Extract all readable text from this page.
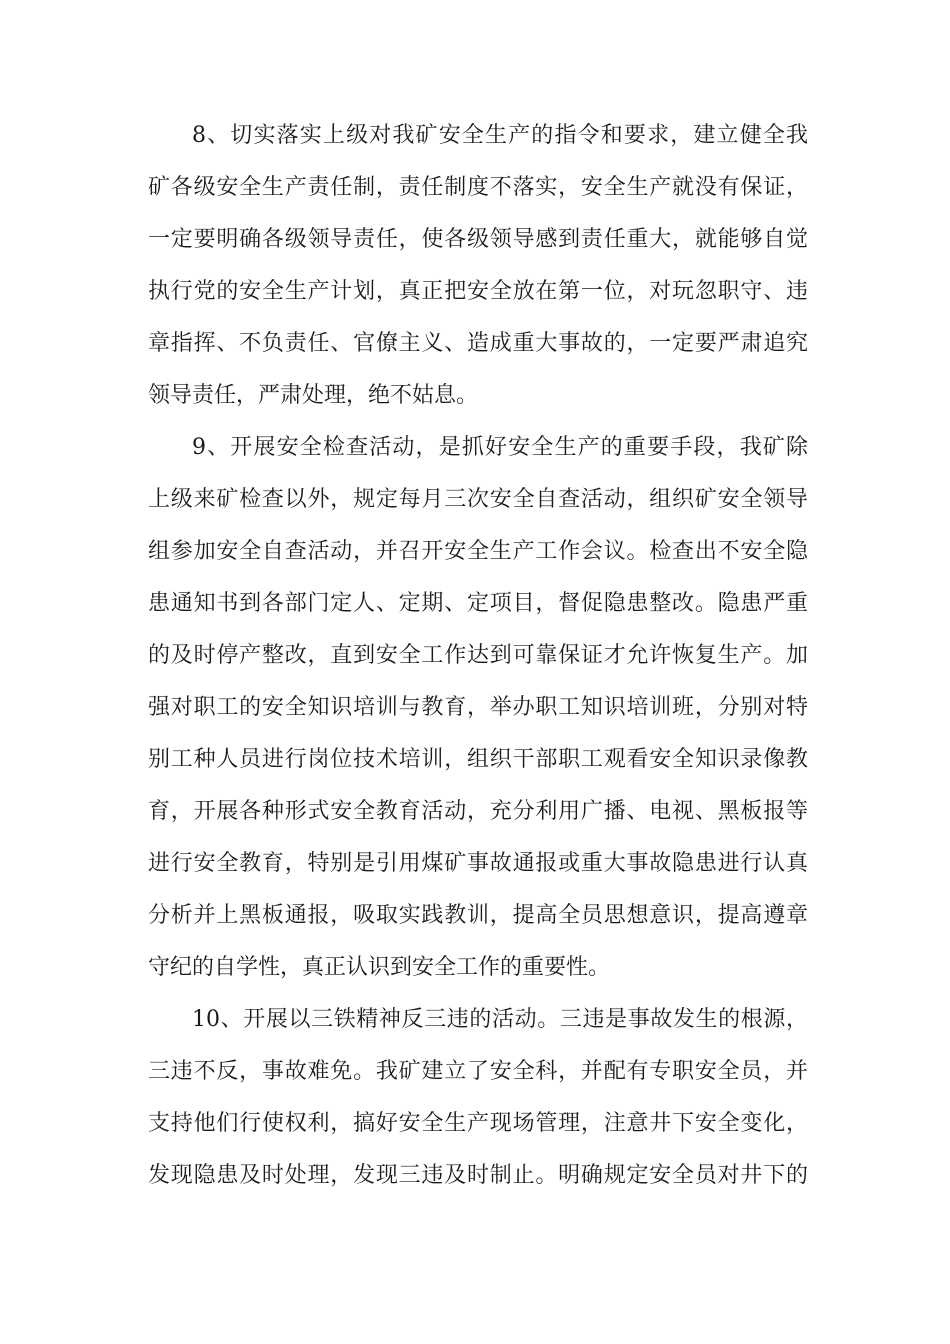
8、切实落实上级对我矿安全生产的指令和要求，建立健全我
矿各级安全生产责任制，责任制度不落实，安全生产就没有保证，
一定要明确各级领导责任，使各级领导感到责任重大，就能够自觉
执行党的安全生产计划，真正把安全放在第一位，对玩忽职守、违
章指挥、不负责任、官僚主义、造成重大事故的，一定要严肃追究
领导责任，严肃处理，绝不姑息。
9、开展安全检查活动，是抓好安全生产的重要手段，我矿除
上级来矿检查以外，规定每月三次安全自查活动，组织矿安全领导
组参加安全自查活动，并召开安全生产工作会议。检查出不安全隐
患通知书到各部门定人、定期、定项目，督促隐患整改。隐患严重
的及时停产整改，直到安全工作达到可靠保证才允许恢复生产。加
强对职工的安全知识培训与教育，举办职工知识培训班，分别对特
别工种人员进行岗位技术培训，组织干部职工观看安全知识录像教
育，开展各种形式安全教育活动，充分利用广播、电视、黑板报等
进行安全教育，特别是引用煤矿事故通报或重大事故隐患进行认真
分析并上黑板通报，吸取实践教训，提高全员思想意识，提高遵章
守纪的自学性，真正认识到安全工作的重要性。
10、开展以三铁精神反三违的活动。三违是事故发生的根源，
三违不反，事故难免。我矿建立了安全科，并配有专职安全员，并
支持他们行使权利，搞好安全生产现场管理，注意井下安全变化，
发现隐患及时处理，发现三违及时制止。明确规定安全员对井下的
